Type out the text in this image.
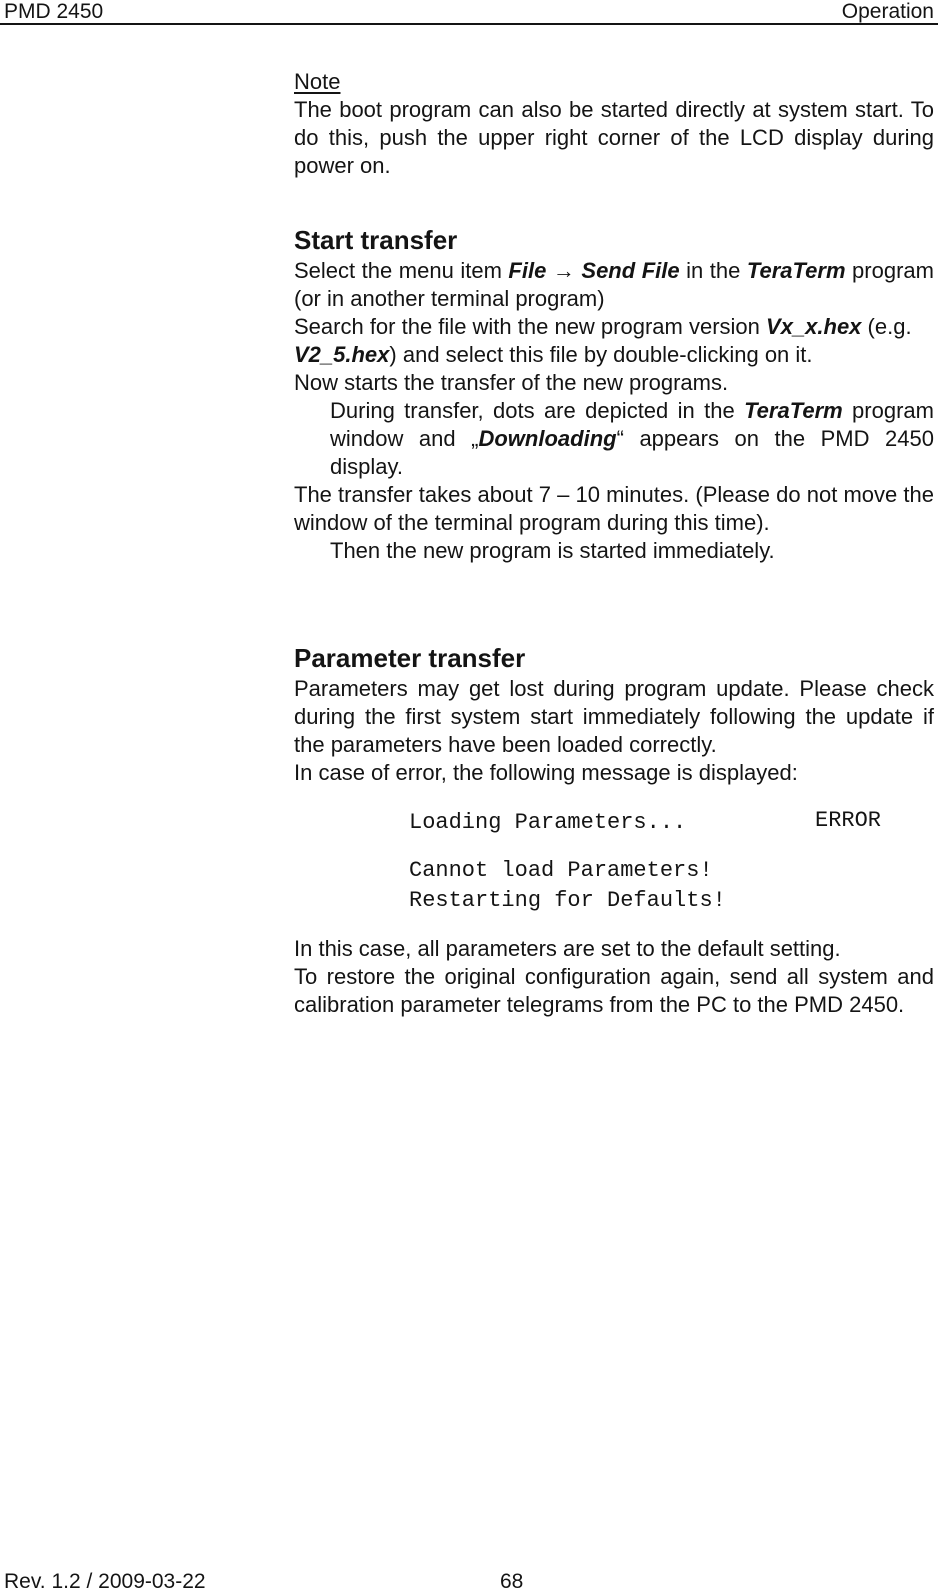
PMD 2450	Operation

Note

The boot program can also be started directly at system start. To do this, push the upper right corner of the LCD display during power on.

Start transfer

Select the menu item File → Send File in the TeraTerm program (or in another terminal program)

Search for the file with the new program version Vx_x.hex (e.g. V2_5.hex) and select this file by double-clicking on it.

Now starts the transfer of the new programs.

During transfer, dots are depicted in the TeraTerm program window and „Downloading“ appears on the PMD 2450 display.

The transfer takes about 7 – 10 minutes. (Please do not move the window of the terminal program during this time).

Then the new program is started immediately.

Parameter transfer

Parameters may get lost during program update. Please check during the first system start immediately following the update if the parameters have been loaded correctly.

In case of error, the following message is displayed:

Loading Parameters...	ERROR
Cannot load Parameters!
Restarting for Defaults!

In this case, all parameters are set to the default setting.

To restore the original configuration again, send all system and calibration parameter telegrams from the PC to the PMD 2450.

Rev. 1.2 / 2009-03-22	68
